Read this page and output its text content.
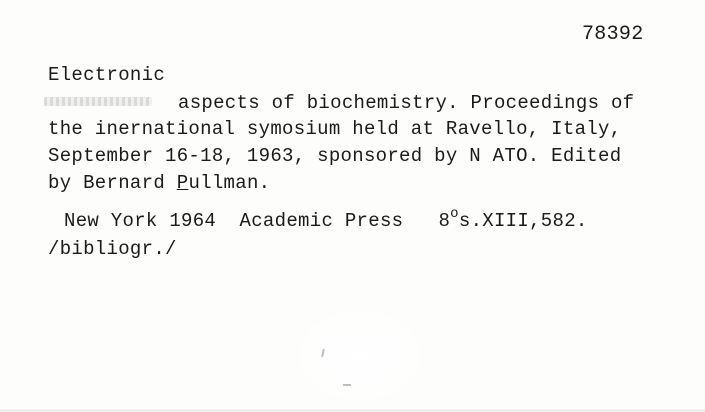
78392
Electronic
aspects of biochemistry. Proceedings of
the inernational symosium held at Ravello, Italy,
September 16-18, 1963, sponsored by N ATO. Edited
by Bernard Pullman.
New York 1964  Academic Press   8$^o$s.XIII,582.
/bibliogr./
